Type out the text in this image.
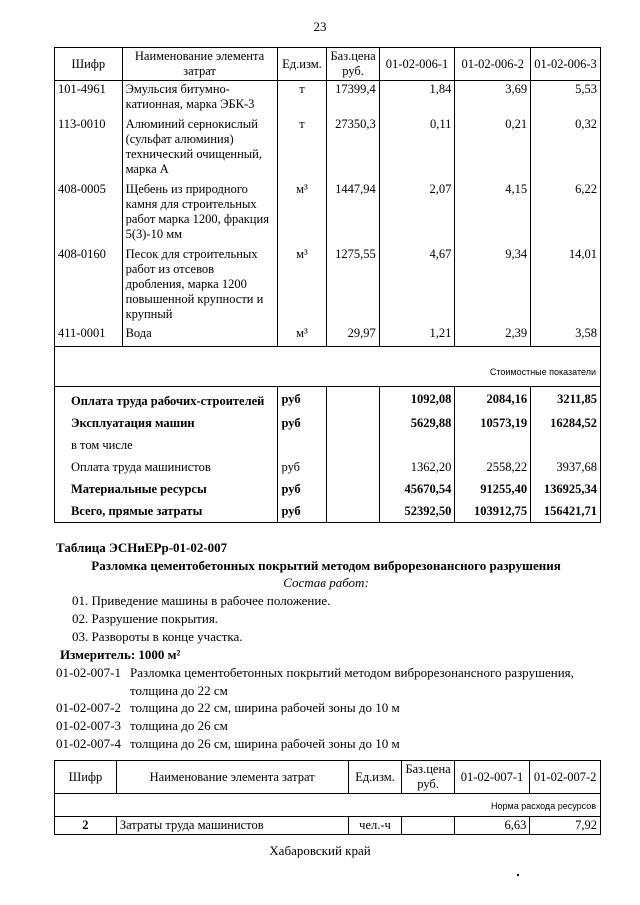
23
Шифр	Наименование элемента затрат	Ед.изм.	Баз.цена руб.	01-02-006-1	01-02-006-2	01-02-006-3
101-4961	Эмульсия битумно-катионная, марка ЭБК-3	т	17399,4	1,84	3,69	5,53
113-0010	Алюминий сернокислый (сульфат алюминия) технический очищенный, марка А	т	27350,3	0,11	0,21	0,32
408-0005	Щебень из природного камня для строительных работ марка 1200, фракция 5(3)-10 мм	м³	1447,94	2,07	4,15	6,22
408-0160	Песок для строительных работ из отсевов дробления, марка 1200 повышенной крупности и крупный	м³	1275,55	4,67	9,34	14,01
411-0001	Вода	м³	29,97	1,21	2,39	3,58
Стоимостные показатели						
Оплата труда рабочих-строителей		руб		1092,08	2084,16	3211,85
Эксплуатация машин		руб		5629,88	10573,19	16284,52
в том числе						
Оплата труда машинистов		руб		1362,20	2558,22	3937,68
Материальные ресурсы		руб		45670,54	91255,40	136925,34
Всего, прямые затраты		руб		52392,50	103912,75	156421,71
Таблица ЭСНиЕРр-01-02-007
Разломка цементобетонных покрытий методом виброрезонансного разрушения
Состав работ:
01. Приведение машины в рабочее положение.
02. Разрушение покрытия.
03. Развороты в конце участка.
Измеритель: 1000 м²
01-02-007-1 Разломка цементобетонных покрытий методом виброрезонансного разрушения, толщина до 22 см
01-02-007-2 толщина до 22 см, ширина рабочей зоны до 10 м
01-02-007-3 толщина до 26 см
01-02-007-4 толщина до 26 см, ширина рабочей зоны до 10 м
Шифр	Наименование элемента затрат	Ед.изм.	Баз.цена руб.	01-02-007-1	01-02-007-2
Норма расхода ресурсов					
2	Затраты труда машинистов	чел.-ч		6,63	7,92
Хабаровский край
